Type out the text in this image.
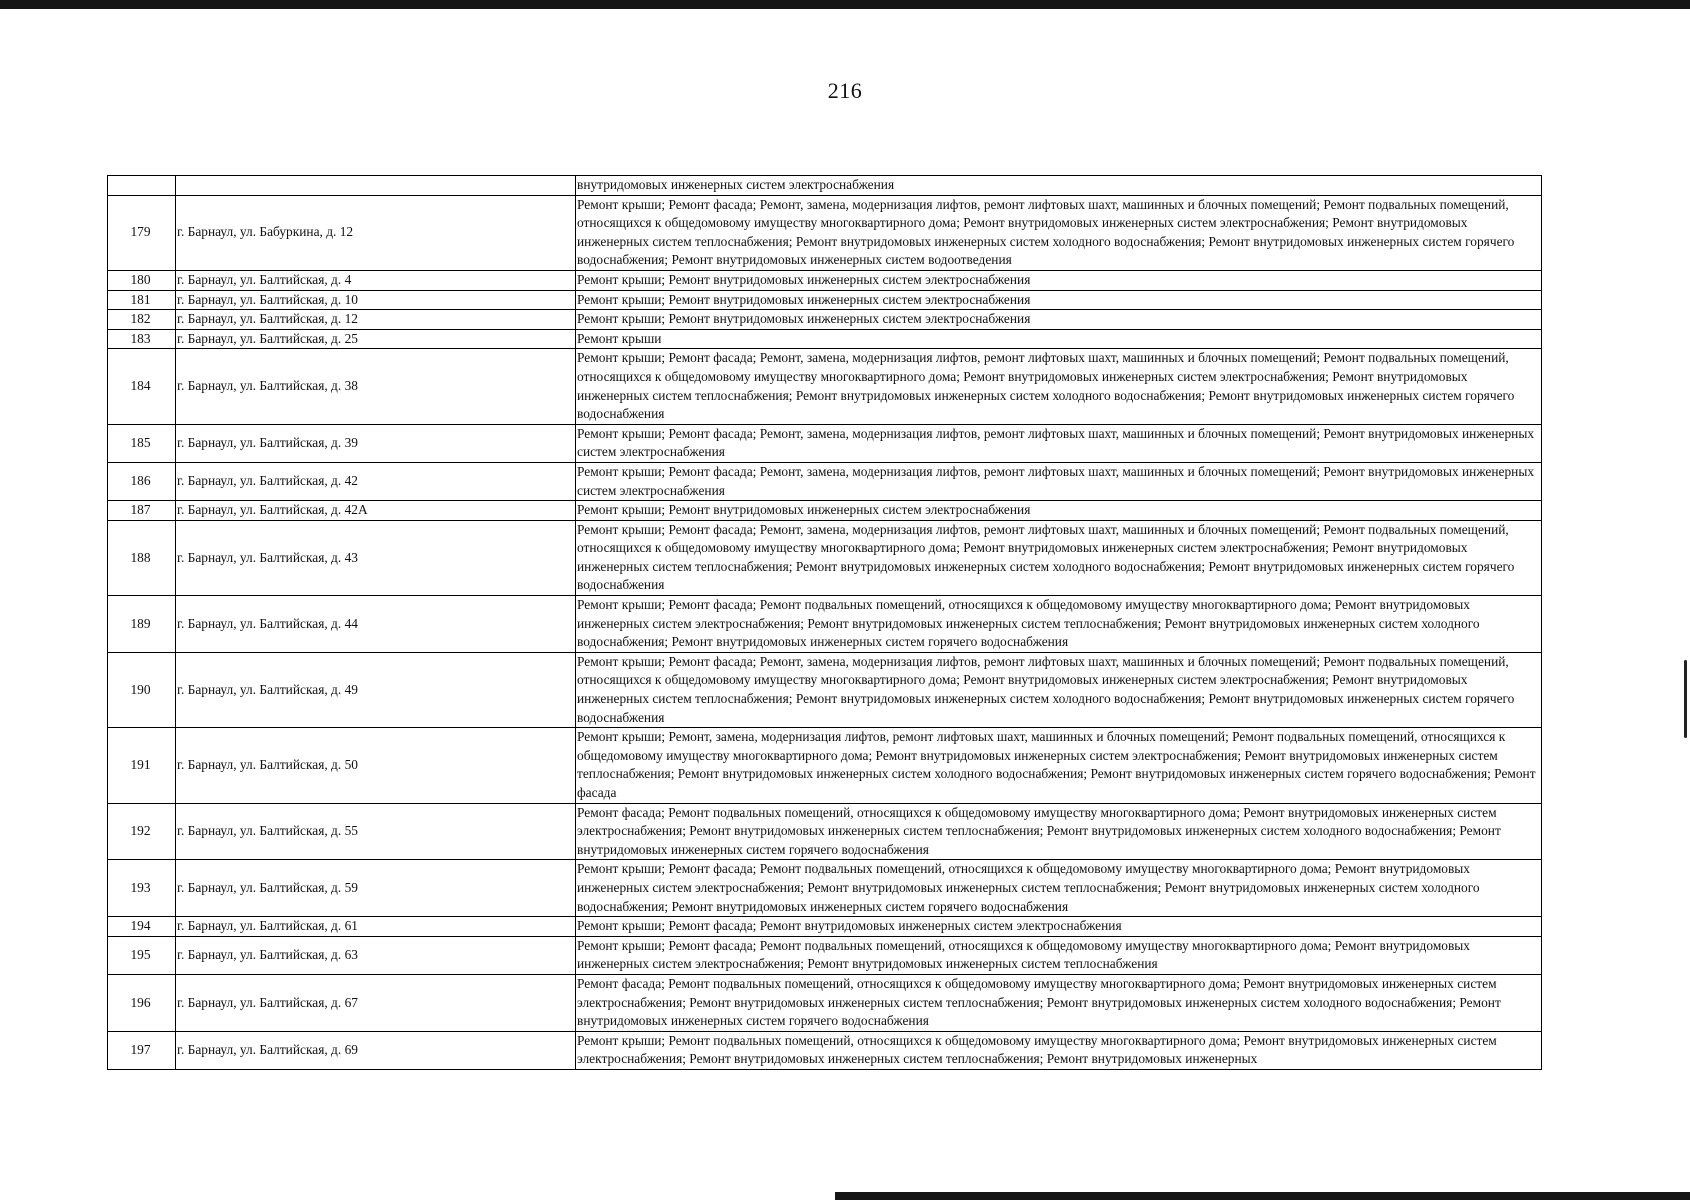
216
		внутридомовых инженерных систем электроснабжения
179	г. Барнаул, ул. Бабуркина, д. 12	Ремонт крыши; Ремонт фасада; Ремонт, замена, модернизация лифтов, ремонт лифтовых шахт, машинных и блочных помещений; Ремонт подвальных помещений, относящихся к общедомовому имуществу многоквартирного дома; Ремонт внутридомовых инженерных систем электроснабжения; Ремонт внутридомовых инженерных систем теплоснабжения; Ремонт внутридомовых инженерных систем холодного водоснабжения; Ремонт внутридомовых инженерных систем горячего водоснабжения; Ремонт внутридомовых инженерных систем водоотведения
180	г. Барнаул, ул. Балтийская, д. 4	Ремонт крыши; Ремонт внутридомовых инженерных систем электроснабжения
181	г. Барнаул, ул. Балтийская, д. 10	Ремонт крыши; Ремонт внутридомовых инженерных систем электроснабжения
182	г. Барнаул, ул. Балтийская, д. 12	Ремонт крыши; Ремонт внутридомовых инженерных систем электроснабжения
183	г. Барнаул, ул. Балтийская, д. 25	Ремонт крыши
184	г. Барнаул, ул. Балтийская, д. 38	Ремонт крыши; Ремонт фасада; Ремонт, замена, модернизация лифтов, ремонт лифтовых шахт, машинных и блочных помещений; Ремонт подвальных помещений, относящихся к общедомовому имуществу многоквартирного дома; Ремонт внутридомовых инженерных систем электроснабжения; Ремонт внутридомовых инженерных систем теплоснабжения; Ремонт внутридомовых инженерных систем холодного водоснабжения; Ремонт внутридомовых инженерных систем горячего водоснабжения
185	г. Барнаул, ул. Балтийская, д. 39	Ремонт крыши; Ремонт фасада; Ремонт, замена, модернизация лифтов, ремонт лифтовых шахт, машинных и блочных помещений; Ремонт внутридомовых инженерных систем электроснабжения
186	г. Барнаул, ул. Балтийская, д. 42	Ремонт крыши; Ремонт фасада; Ремонт, замена, модернизация лифтов, ремонт лифтовых шахт, машинных и блочных помещений; Ремонт внутридомовых инженерных систем электроснабжения
187	г. Барнаул, ул. Балтийская, д. 42А	Ремонт крыши; Ремонт внутридомовых инженерных систем электроснабжения
188	г. Барнаул, ул. Балтийская, д. 43	Ремонт крыши; Ремонт фасада; Ремонт, замена, модернизация лифтов, ремонт лифтовых шахт, машинных и блочных помещений; Ремонт подвальных помещений, относящихся к общедомовому имуществу многоквартирного дома; Ремонт внутридомовых инженерных систем электроснабжения; Ремонт внутридомовых инженерных систем теплоснабжения; Ремонт внутридомовых инженерных систем холодного водоснабжения; Ремонт внутридомовых инженерных систем горячего водоснабжения
189	г. Барнаул, ул. Балтийская, д. 44	Ремонт крыши; Ремонт фасада; Ремонт подвальных помещений, относящихся к общедомовому имуществу многоквартирного дома; Ремонт внутридомовых инженерных систем электроснабжения; Ремонт внутридомовых инженерных систем теплоснабжения; Ремонт внутридомовых инженерных систем холодного водоснабжения; Ремонт внутридомовых инженерных систем горячего водоснабжения
190	г. Барнаул, ул. Балтийская, д. 49	Ремонт крыши; Ремонт фасада; Ремонт, замена, модернизация лифтов, ремонт лифтовых шахт, машинных и блочных помещений; Ремонт подвальных помещений, относящихся к общедомовому имуществу многоквартирного дома; Ремонт внутридомовых инженерных систем электроснабжения; Ремонт внутридомовых инженерных систем теплоснабжения; Ремонт внутридомовых инженерных систем холодного водоснабжения; Ремонт внутридомовых инженерных систем горячего водоснабжения
191	г. Барнаул, ул. Балтийская, д. 50	Ремонт крыши; Ремонт, замена, модернизация лифтов, ремонт лифтовых шахт, машинных и блочных помещений; Ремонт подвальных помещений, относящихся к общедомовому имуществу многоквартирного дома; Ремонт внутридомовых инженерных систем электроснабжения; Ремонт внутридомовых инженерных систем теплоснабжения; Ремонт внутридомовых инженерных систем холодного водоснабжения; Ремонт внутридомовых инженерных систем горячего водоснабжения; Ремонт фасада
192	г. Барнаул, ул. Балтийская, д. 55	Ремонт фасада; Ремонт подвальных помещений, относящихся к общедомовому имуществу многоквартирного дома; Ремонт внутридомовых инженерных систем электроснабжения; Ремонт внутридомовых инженерных систем теплоснабжения; Ремонт внутридомовых инженерных систем холодного водоснабжения; Ремонт внутридомовых инженерных систем горячего водоснабжения
193	г. Барнаул, ул. Балтийская, д. 59	Ремонт крыши; Ремонт фасада; Ремонт подвальных помещений, относящихся к общедомовому имуществу многоквартирного дома; Ремонт внутридомовых инженерных систем электроснабжения; Ремонт внутридомовых инженерных систем теплоснабжения; Ремонт внутридомовых инженерных систем холодного водоснабжения; Ремонт внутридомовых инженерных систем горячего водоснабжения
194	г. Барнаул, ул. Балтийская, д. 61	Ремонт крыши; Ремонт фасада; Ремонт внутридомовых инженерных систем электроснабжения
195	г. Барнаул, ул. Балтийская, д. 63	Ремонт крыши; Ремонт фасада; Ремонт подвальных помещений, относящихся к общедомовому имуществу многоквартирного дома; Ремонт внутридомовых инженерных систем электроснабжения; Ремонт внутридомовых инженерных систем теплоснабжения
196	г. Барнаул, ул. Балтийская, д. 67	Ремонт фасада; Ремонт подвальных помещений, относящихся к общедомовому имуществу многоквартирного дома; Ремонт внутридомовых инженерных систем электроснабжения; Ремонт внутридомовых инженерных систем теплоснабжения; Ремонт внутридомовых инженерных систем холодного водоснабжения; Ремонт внутридомовых инженерных систем горячего водоснабжения
197	г. Барнаул, ул. Балтийская, д. 69	Ремонт крыши; Ремонт подвальных помещений, относящихся к общедомовому имуществу многоквартирного дома; Ремонт внутридомовых инженерных систем электроснабжения; Ремонт внутридомовых инженерных систем теплоснабжения; Ремонт внутридомовых инженерных
